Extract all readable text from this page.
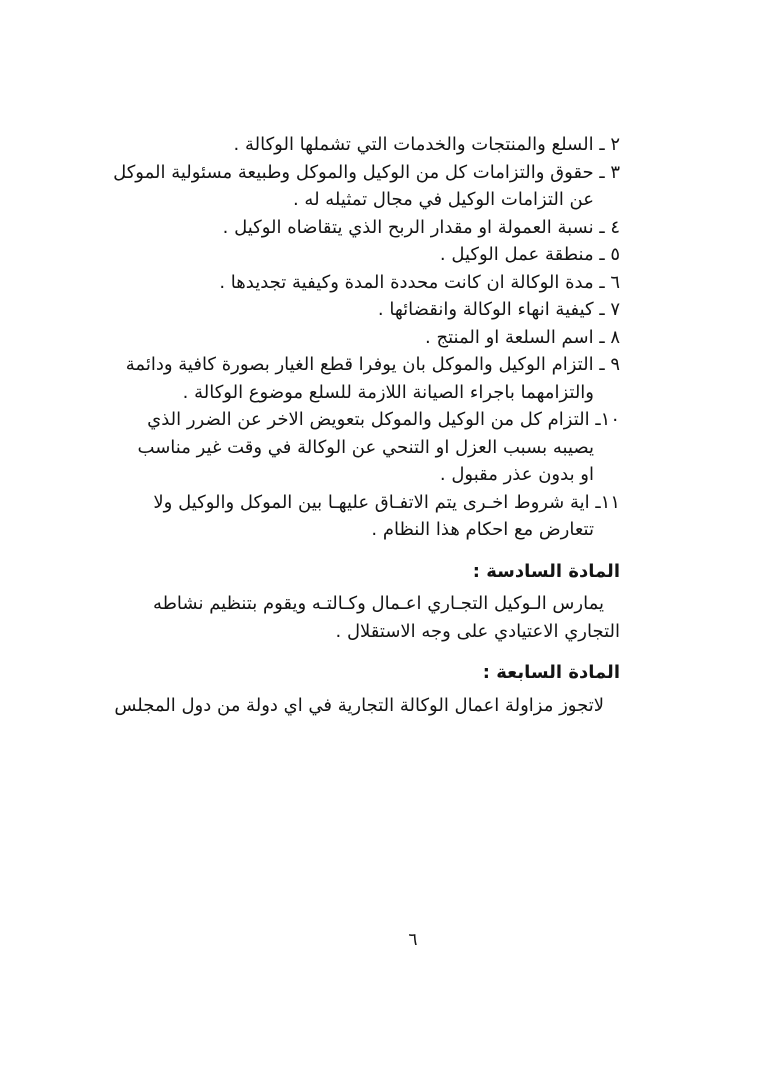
٢ ـ السلع والمنتجات والخدمات التي تشملها الوكالة .
٣ ـ حقوق والتزامات كل من الوكيل والموكل وطبيعة مسئولية الموكل
عن التزامات الوكيل في مجال تمثيله له .
٤ ـ نسبة العمولة او مقدار الربح الذي يتقاضاه الوكيل .
٥ ـ منطقة عمل الوكيل .
٦ ـ مدة الوكالة ان كانت محددة المدة وكيفية تجديدها .
٧ ـ كيفية انهاء الوكالة وانقضائها .
٨ ـ اسم السلعة او المنتج .
٩ ـ التزام الوكيل والموكل بان يوفرا قطع الغيار بصورة كافية ودائمة
والتزامهما باجراء الصيانة اللازمة للسلع موضوع الوكالة .
١٠ـ التزام كل من الوكيل والموكل بتعويض الاخر عن الضرر الذي
يصيبه بسبب العزل او التنحي عن الوكالة في وقت غير مناسب
او بدون عذر مقبول .
١١ـ اية شروط اخـرى يتم الاتفـاق عليهـا بين الموكل والوكيل ولا
تتعارض مع احكام هذا النظام .
المادة السادسة :
يمارس الـوكيل التجـاري اعـمال وكـالتـه ويقوم بتنظيم نشاطه
التجاري الاعتيادي على وجه الاستقلال .
المادة السابعة :
لاتجوز مزاولة اعمال الوكالة التجارية في اي دولة من دول المجلس
٦
